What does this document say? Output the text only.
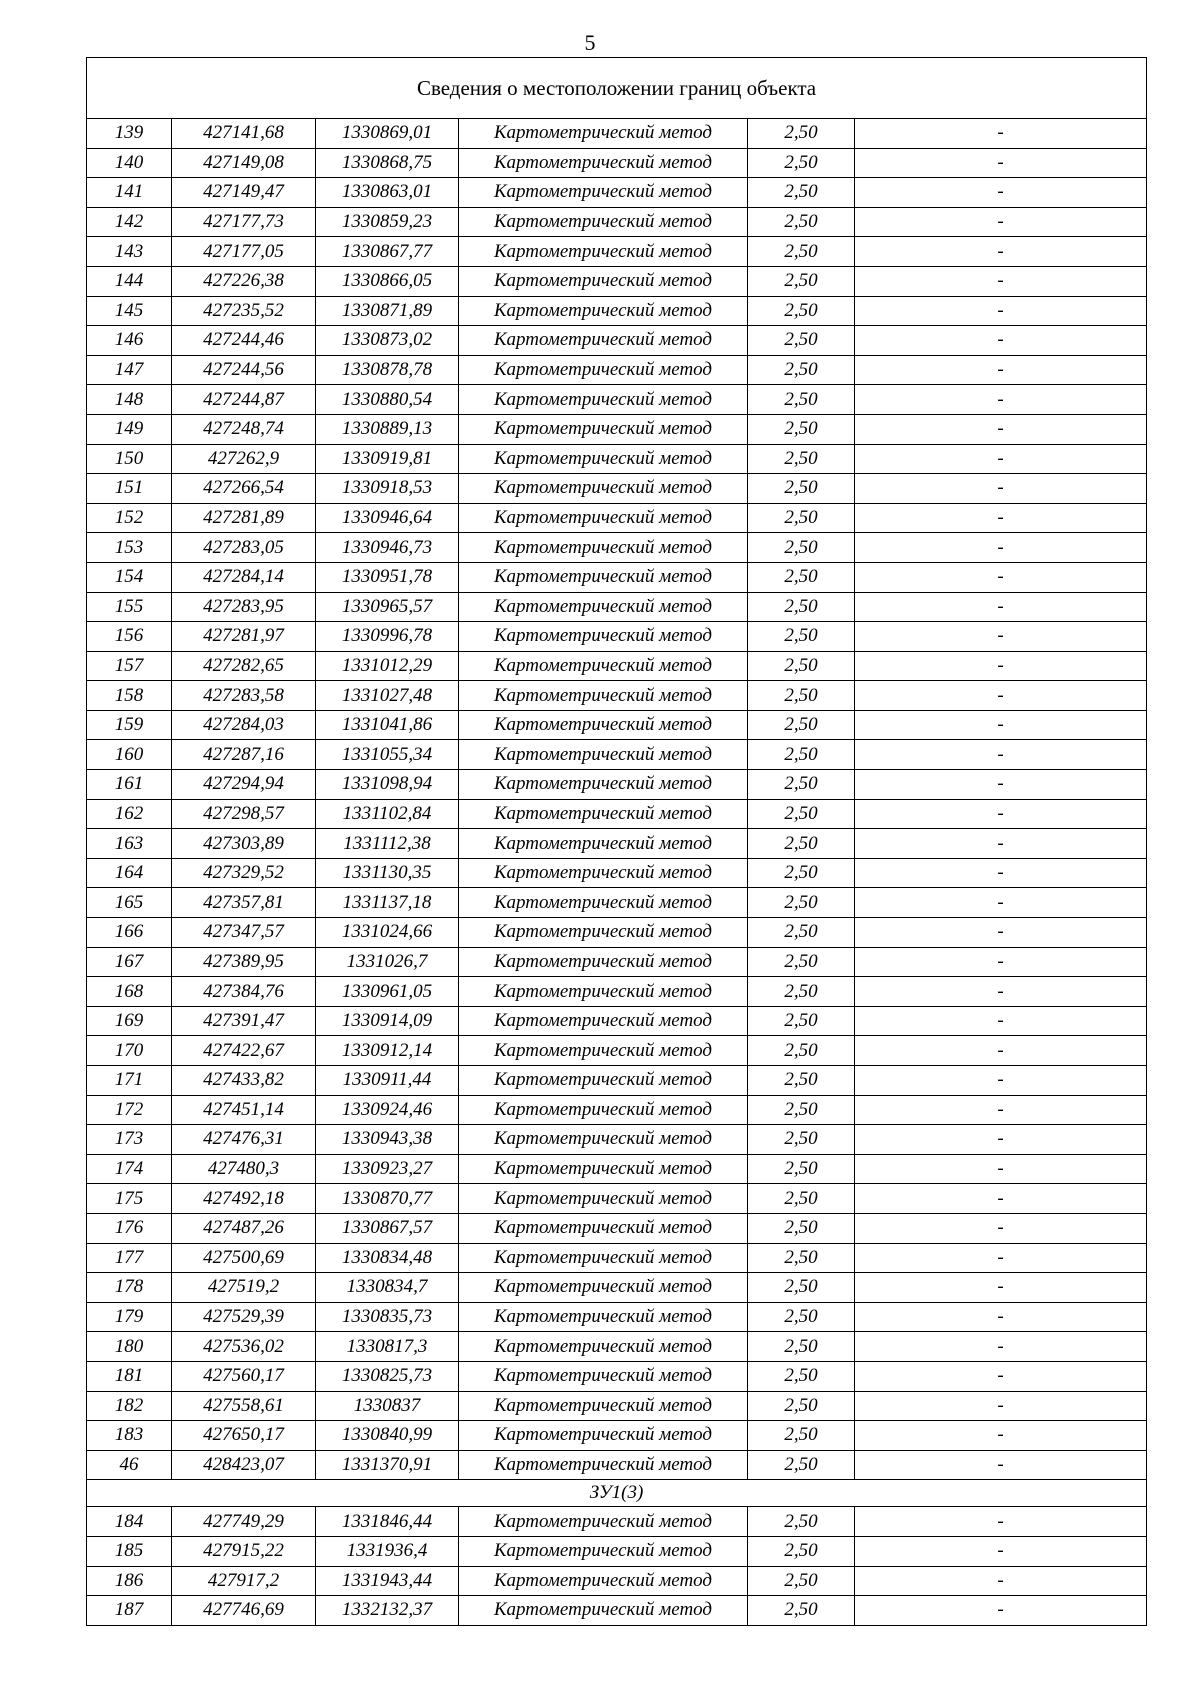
5
Сведения о местоположении границ объекта					
139	427141,68	1330869,01	Картометрический метод	2,50	-
140	427149,08	1330868,75	Картометрический метод	2,50	-
141	427149,47	1330863,01	Картометрический метод	2,50	-
142	427177,73	1330859,23	Картометрический метод	2,50	-
143	427177,05	1330867,77	Картометрический метод	2,50	-
144	427226,38	1330866,05	Картометрический метод	2,50	-
145	427235,52	1330871,89	Картометрический метод	2,50	-
146	427244,46	1330873,02	Картометрический метод	2,50	-
147	427244,56	1330878,78	Картометрический метод	2,50	-
148	427244,87	1330880,54	Картометрический метод	2,50	-
149	427248,74	1330889,13	Картометрический метод	2,50	-
150	427262,9	1330919,81	Картометрический метод	2,50	-
151	427266,54	1330918,53	Картометрический метод	2,50	-
152	427281,89	1330946,64	Картометрический метод	2,50	-
153	427283,05	1330946,73	Картометрический метод	2,50	-
154	427284,14	1330951,78	Картометрический метод	2,50	-
155	427283,95	1330965,57	Картометрический метод	2,50	-
156	427281,97	1330996,78	Картометрический метод	2,50	-
157	427282,65	1331012,29	Картометрический метод	2,50	-
158	427283,58	1331027,48	Картометрический метод	2,50	-
159	427284,03	1331041,86	Картометрический метод	2,50	-
160	427287,16	1331055,34	Картометрический метод	2,50	-
161	427294,94	1331098,94	Картометрический метод	2,50	-
162	427298,57	1331102,84	Картометрический метод	2,50	-
163	427303,89	1331112,38	Картометрический метод	2,50	-
164	427329,52	1331130,35	Картометрический метод	2,50	-
165	427357,81	1331137,18	Картометрический метод	2,50	-
166	427347,57	1331024,66	Картометрический метод	2,50	-
167	427389,95	1331026,7	Картометрический метод	2,50	-
168	427384,76	1330961,05	Картометрический метод	2,50	-
169	427391,47	1330914,09	Картометрический метод	2,50	-
170	427422,67	1330912,14	Картометрический метод	2,50	-
171	427433,82	1330911,44	Картометрический метод	2,50	-
172	427451,14	1330924,46	Картометрический метод	2,50	-
173	427476,31	1330943,38	Картометрический метод	2,50	-
174	427480,3	1330923,27	Картометрический метод	2,50	-
175	427492,18	1330870,77	Картометрический метод	2,50	-
176	427487,26	1330867,57	Картометрический метод	2,50	-
177	427500,69	1330834,48	Картометрический метод	2,50	-
178	427519,2	1330834,7	Картометрический метод	2,50	-
179	427529,39	1330835,73	Картометрический метод	2,50	-
180	427536,02	1330817,3	Картометрический метод	2,50	-
181	427560,17	1330825,73	Картометрический метод	2,50	-
182	427558,61	1330837	Картометрический метод	2,50	-
183	427650,17	1330840,99	Картометрический метод	2,50	-
46	428423,07	1331370,91	Картометрический метод	2,50	-
ЗУ1(3)					
184	427749,29	1331846,44	Картометрический метод	2,50	-
185	427915,22	1331936,4	Картометрический метод	2,50	-
186	427917,2	1331943,44	Картометрический метод	2,50	-
187	427746,69	1332132,37	Картометрический метод	2,50	-
